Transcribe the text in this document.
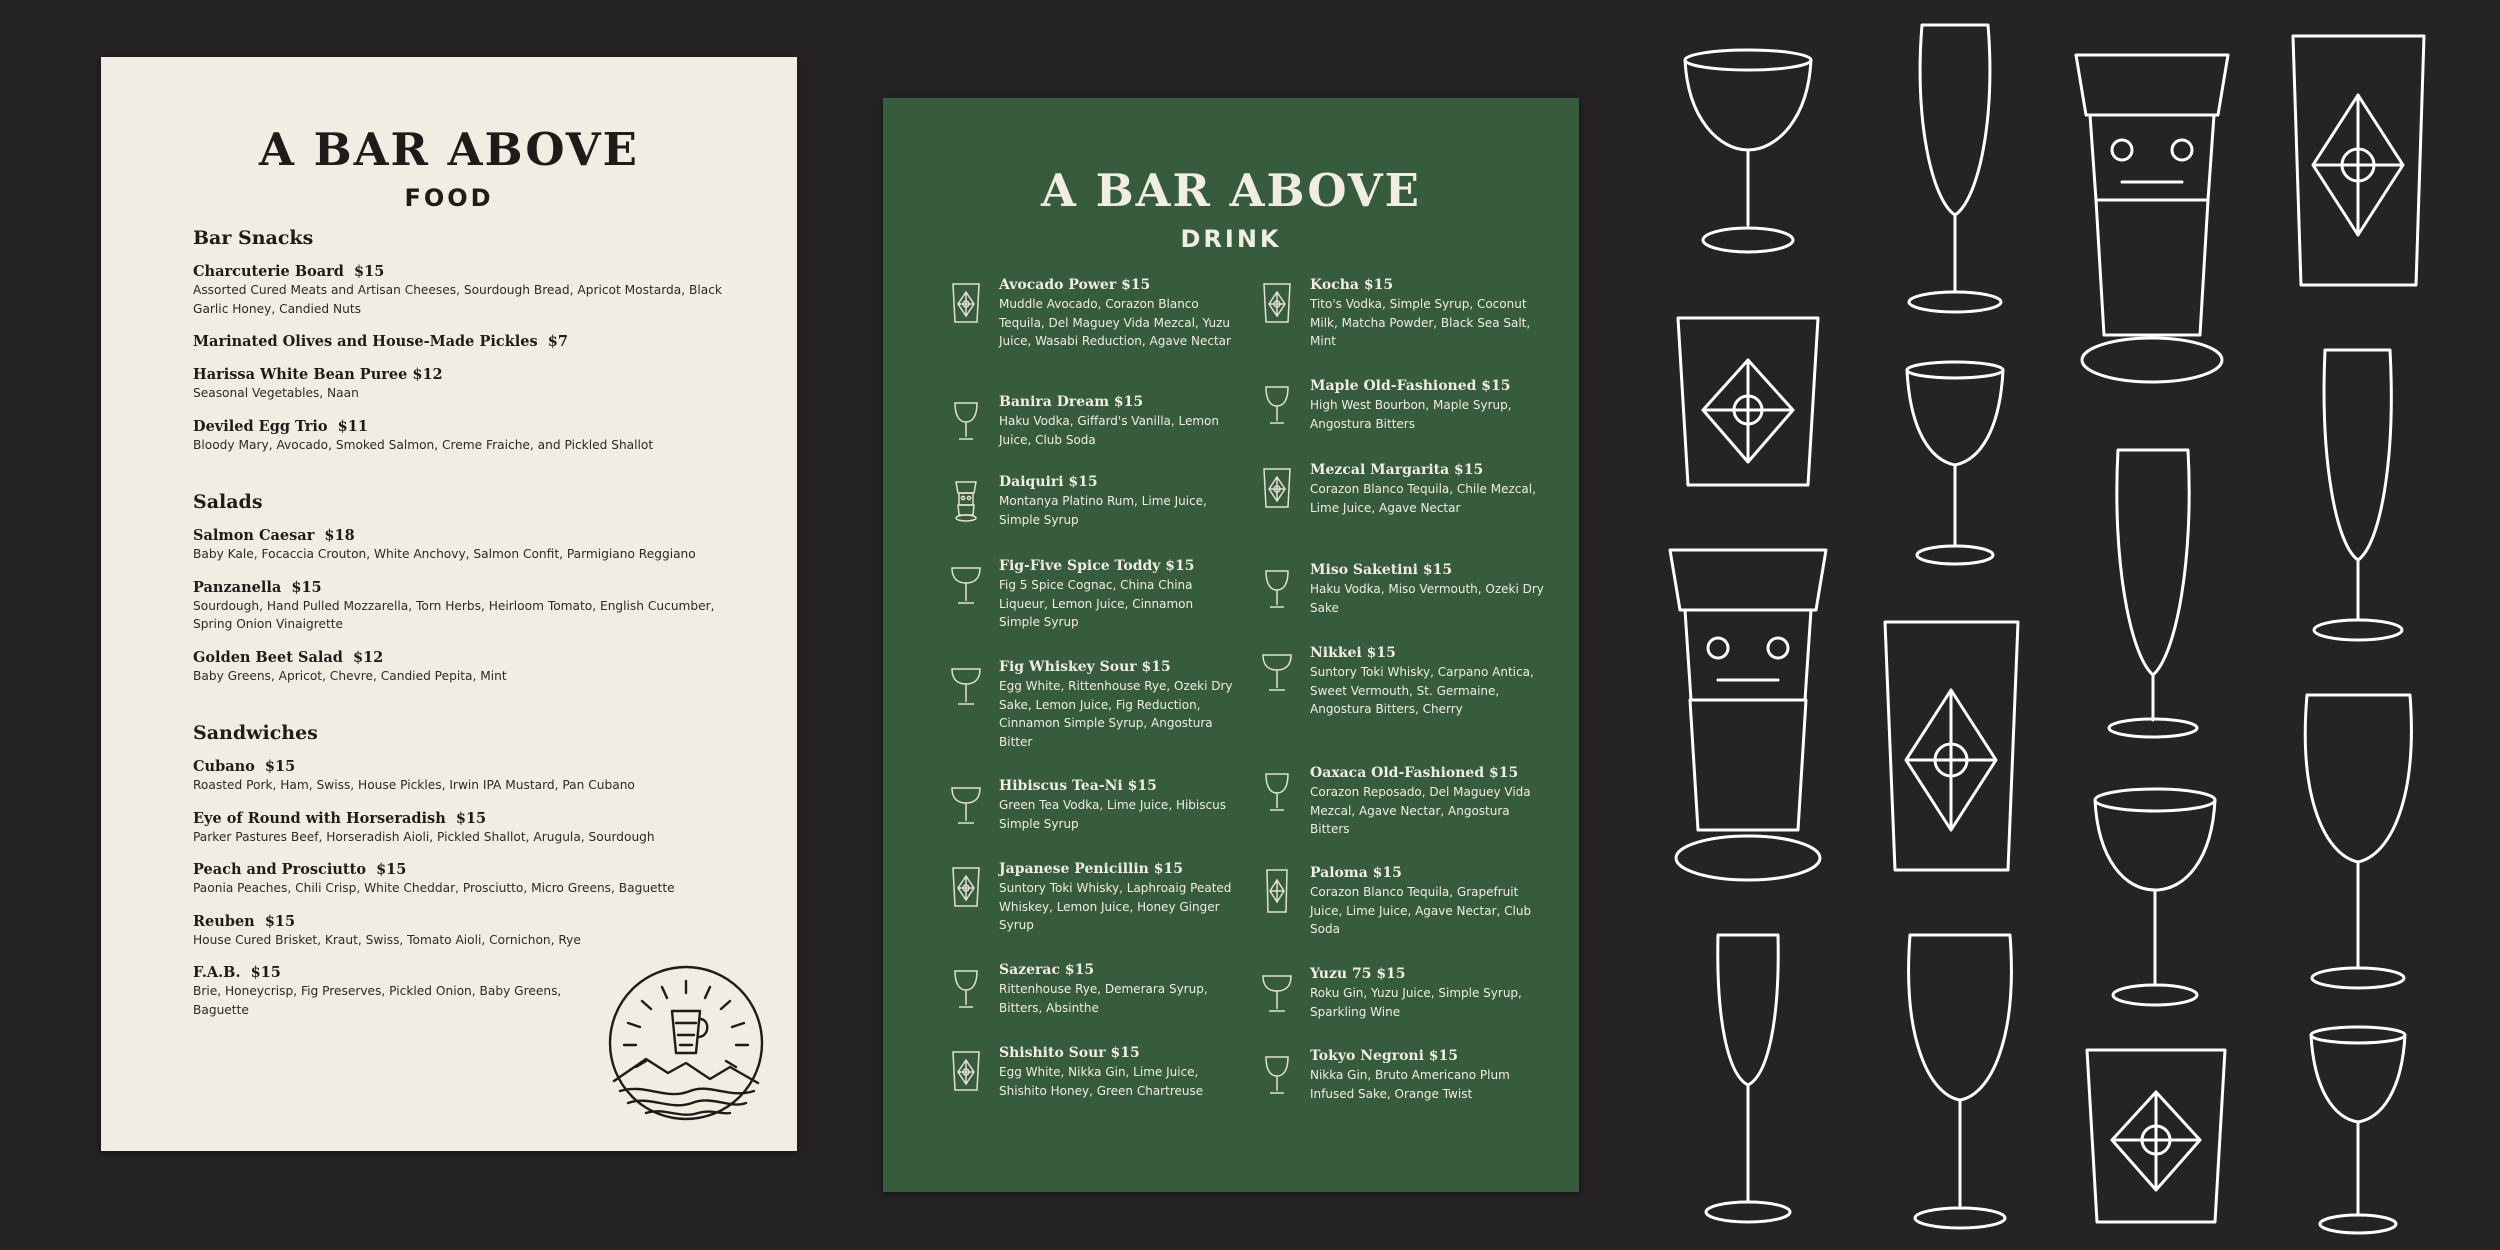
A BAR ABOVE
FOOD
Bar Snacks
Charcuterie Board  $15
Assorted Cured Meats and Artisan Cheeses, Sourdough Bread, Apricot Mostarda, Black Garlic Honey, Candied Nuts
Marinated Olives and House-Made Pickles  $7
Harissa White Bean Puree $12
Seasonal Vegetables, Naan
Deviled Egg Trio  $11
Bloody Mary, Avocado, Smoked Salmon, Creme Fraiche, and Pickled Shallot
Salads
Salmon Caesar  $18
Baby Kale, Focaccia Crouton, White Anchovy, Salmon Confit, Parmigiano Reggiano
Panzanella  $15
Sourdough, Hand Pulled Mozzarella, Torn Herbs, Heirloom Tomato, English Cucumber, Spring Onion Vinaigrette
Golden Beet Salad  $12
Baby Greens, Apricot, Chevre, Candied Pepita, Mint
Sandwiches
Cubano  $15
Roasted Pork, Ham, Swiss, House Pickles, Irwin IPA Mustard, Pan Cubano
Eye of Round with Horseradish  $15
Parker Pastures Beef, Horseradish Aioli, Pickled Shallot, Arugula, Sourdough
Peach and Prosciutto  $15
Paonia Peaches, Chili Crisp, White Cheddar, Prosciutto, Micro Greens, Baguette
Reuben  $15
House Cured Brisket, Kraut, Swiss, Tomato Aioli, Cornichon, Rye
F.A.B.  $15
Brie, Honeycrisp, Fig Preserves, Pickled Onion, Baby Greens, Baguette
A BAR ABOVE
DRINK
Avocado Power $15
Muddle Avocado, Corazon Blanco Tequila, Del Maguey Vida Mezcal, Yuzu Juice, Wasabi Reduction, Agave Nectar
Banira Dream $15
Haku Vodka, Giffard's Vanilla, Lemon Juice, Club Soda
Daiquiri $15
Montanya Platino Rum, Lime Juice, Simple Syrup
Fig-Five Spice Toddy $15
Fig 5 Spice Cognac, China China Liqueur, Lemon Juice, Cinnamon Simple Syrup
Fig Whiskey Sour $15
Egg White, Rittenhouse Rye, Ozeki Dry Sake, Lemon Juice, Fig Reduction, Cinnamon Simple Syrup, Angostura Bitter
Hibiscus Tea-Ni $15
Green Tea Vodka, Lime Juice, Hibiscus Simple Syrup
Japanese Penicillin $15
Suntory Toki Whisky, Laphroaig Peated Whiskey, Lemon Juice, Honey Ginger Syrup
Sazerac $15
Rittenhouse Rye, Demerara Syrup, Bitters, Absinthe
Shishito Sour $15
Egg White, Nikka Gin, Lime Juice, Shishito Honey, Green Chartreuse
Kocha $15
Tito's Vodka, Simple Syrup, Coconut Milk, Matcha Powder, Black Sea Salt, Mint
Maple Old-Fashioned $15
High West Bourbon, Maple Syrup, Angostura Bitters
Mezcal Margarita $15
Corazon Blanco Tequila, Chile Mezcal, Lime Juice, Agave Nectar
Miso Saketini $15
Haku Vodka, Miso Vermouth, Ozeki Dry Sake
Nikkei $15
Suntory Toki Whisky, Carpano Antica, Sweet Vermouth, St. Germaine, Angostura Bitters, Cherry
Oaxaca Old-Fashioned $15
Corazon Reposado, Del Maguey Vida Mezcal, Agave Nectar, Angostura Bitters
Paloma $15
Corazon Blanco Tequila, Grapefruit Juice, Lime Juice, Agave Nectar, Club Soda
Yuzu 75 $15
Roku Gin, Yuzu Juice, Simple Syrup, Sparkling Wine
Tokyo Negroni $15
Nikka Gin, Bruto Americano Plum Infused Sake, Orange Twist
